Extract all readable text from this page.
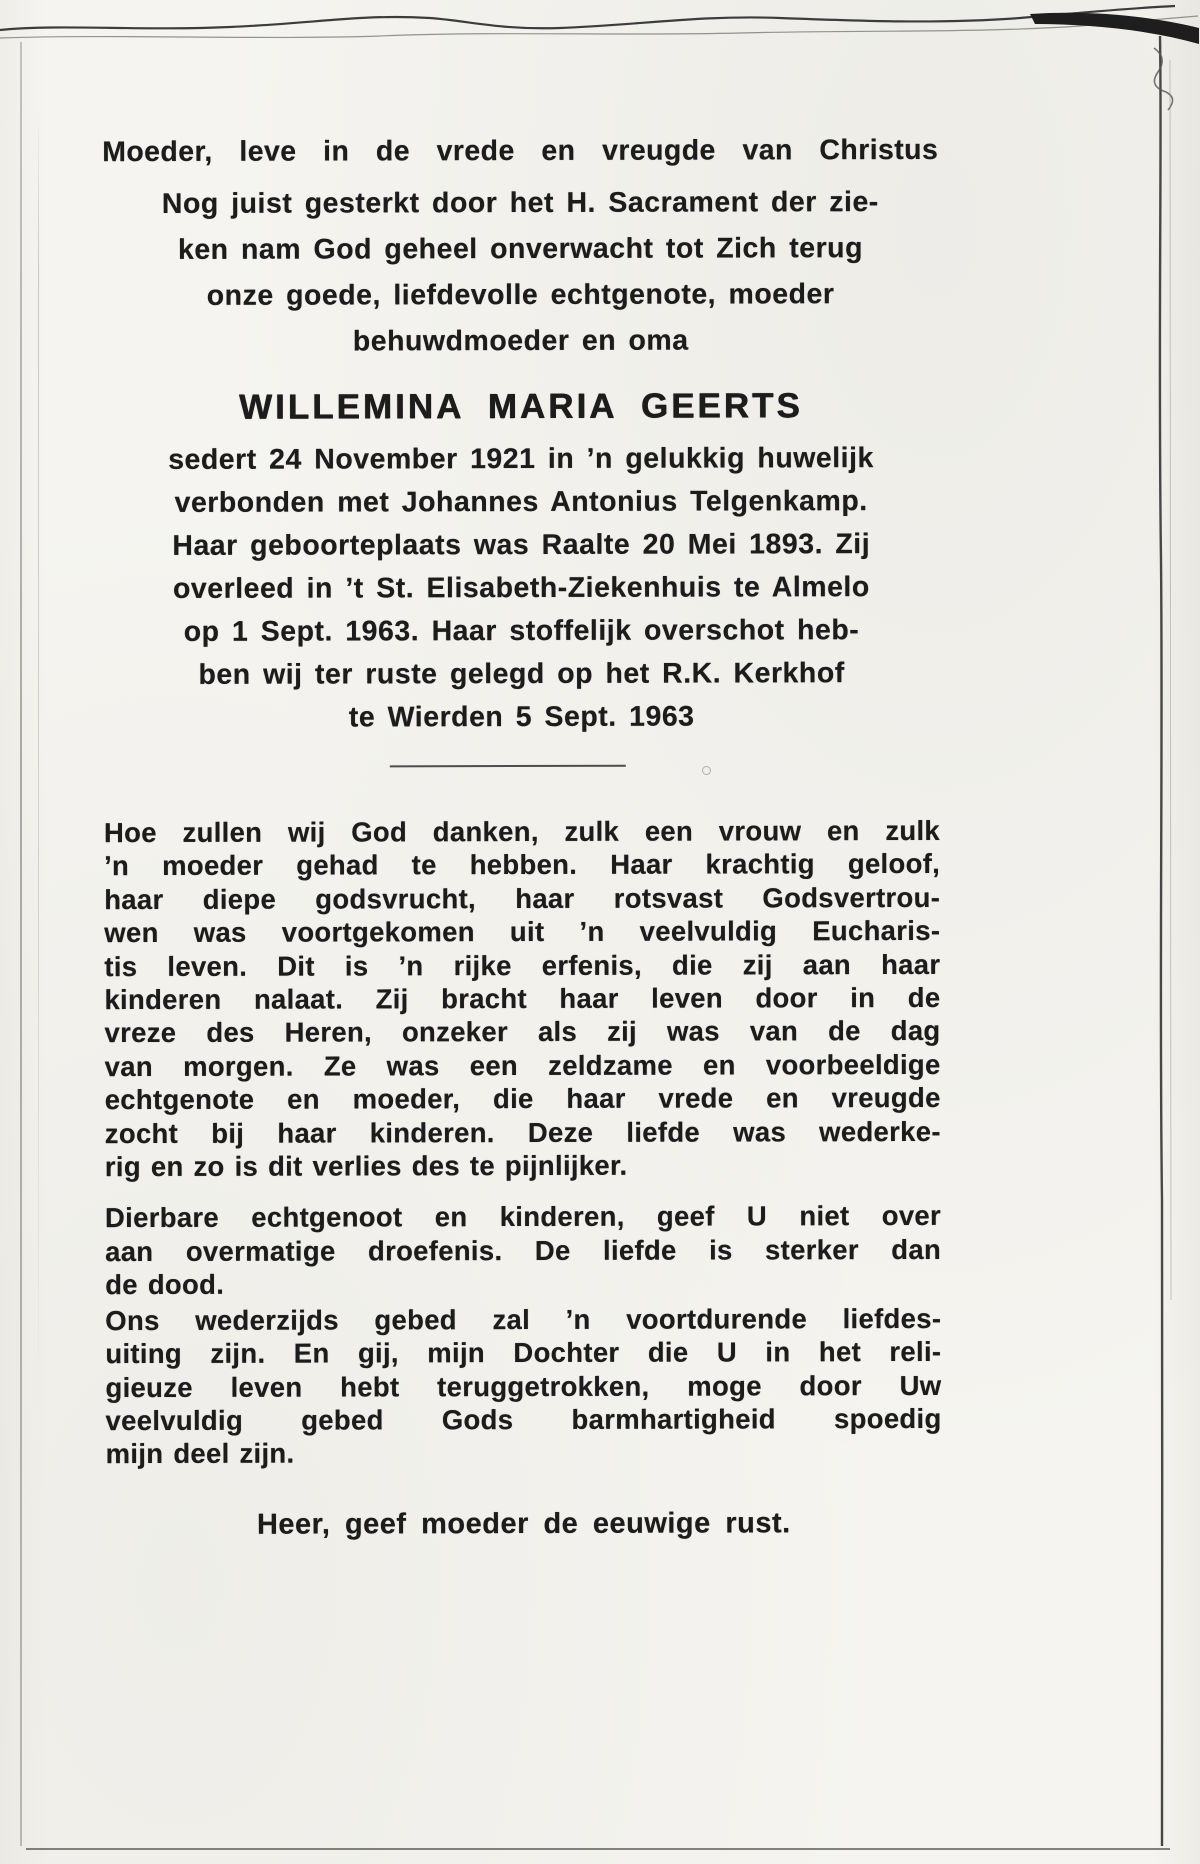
Moeder, leve in de vrede en vreugde van Christus
Nog juist gesterkt door het H. Sacrament der zie-
ken nam God geheel onverwacht tot Zich terug
onze goede, liefdevolle echtgenote, moeder
behuwdmoeder en oma
WILLEMINA MARIA GEERTS
sedert 24 November 1921 in ’n gelukkig huwelijk
verbonden met Johannes Antonius Telgenkamp.
Haar geboorteplaats was Raalte 20 Mei 1893. Zij
overleed in ’t St. Elisabeth-Ziekenhuis te Almelo
op 1 Sept. 1963. Haar stoffelijk overschot heb-
ben wij ter ruste gelegd op het R.K. Kerkhof
te Wierden 5 Sept. 1963
Hoe zullen wij God danken, zulk een vrouw en zulk
’n moeder gehad te hebben. Haar krachtig geloof,
haar diepe godsvrucht, haar rotsvast Godsvertrou-
wen was voortgekomen uit ’n veelvuldig Eucharis-
tis leven. Dit is ’n rijke erfenis, die zij aan haar
kinderen nalaat. Zij bracht haar leven door in de
vreze des Heren, onzeker als zij was van de dag
van morgen. Ze was een zeldzame en voorbeeldige
echtgenote en moeder, die haar vrede en vreugde
zocht bij haar kinderen. Deze liefde was wederke-
rig en zo is dit verlies des te pijnlijker.
Dierbare echtgenoot en kinderen, geef U niet over
aan overmatige droefenis. De liefde is sterker dan
de dood.
Ons wederzijds gebed zal ’n voortdurende liefdes-
uiting zijn. En gij, mijn Dochter die U in het reli-
gieuze leven hebt teruggetrokken, moge door Uw
veelvuldig gebed Gods barmhartigheid spoedig
mijn deel zijn.
Heer, geef moeder de eeuwige rust.
